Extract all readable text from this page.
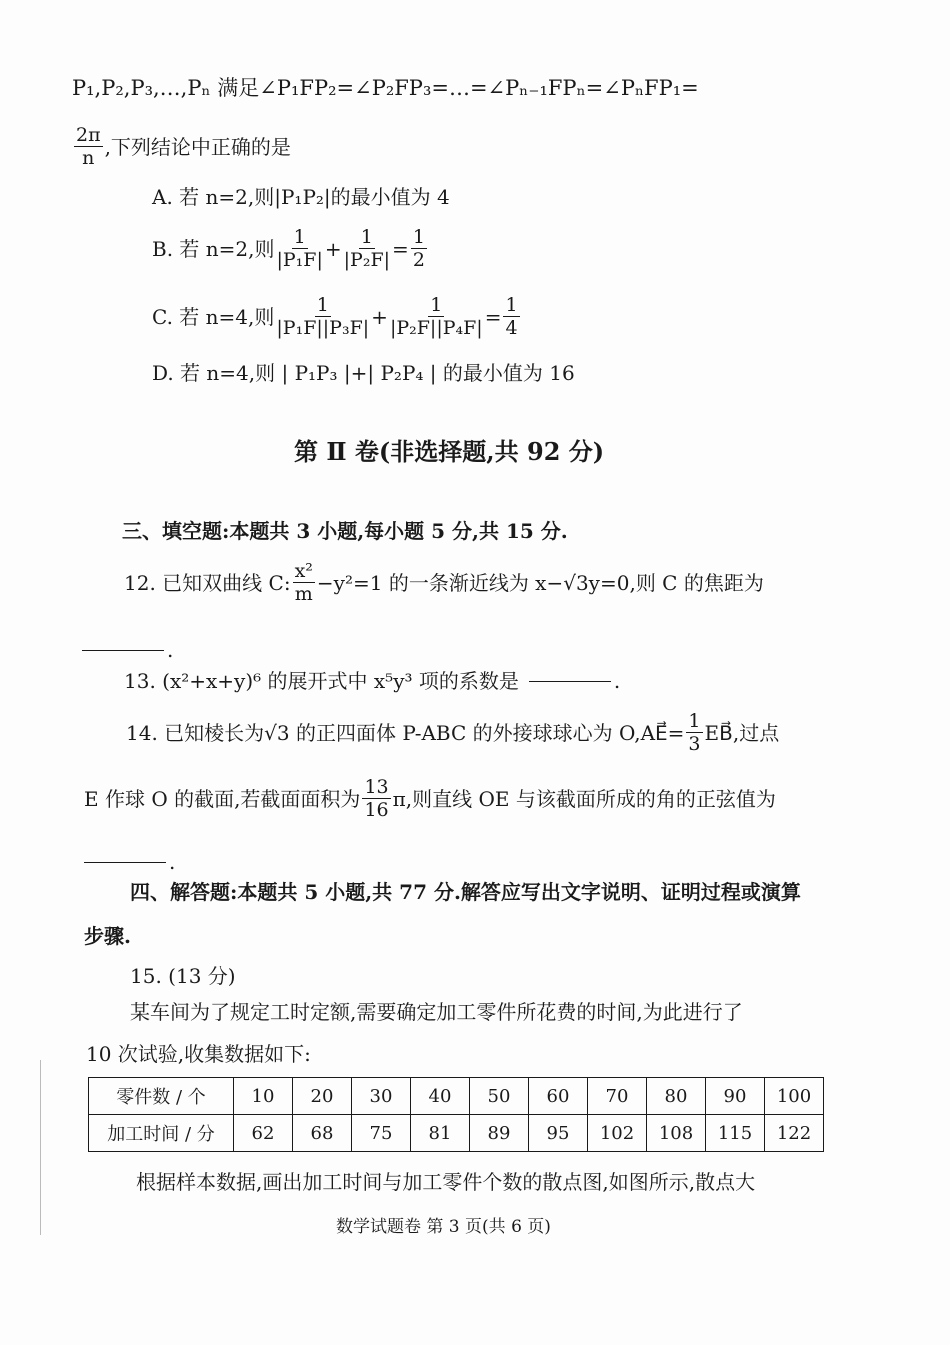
P₁,P₂,P₃,…,Pₙ 满足∠P₁FP₂=∠P₂FP₃=…=∠Pₙ₋₁FPₙ=∠PₙFP₁=
$\frac{2\pi}{n}$ ,下列结论中正确的是
A. 若 n=2,则|P₁P₂|的最小值为 4
B. 若 n=2,则 $\frac{1}{\text{|P₁F|}} + \frac{1}{\text{|P₂F|}} = \frac{1}{2}$
C. 若 n=4,则 $\frac{1}{\text{|P₁F||P₃F|}} + \frac{1}{\text{|P₂F||P₄F|}} = \frac{1}{4}$
D. 若 n=4,则 | P₁P₃ |+| P₂P₄ | 的最小值为 16
第 Ⅱ 卷(非选择题,共 92 分)
三、填空题:本题共 3 小题,每小题 5 分,共 15 分.
12. 已知双曲线 C: $\frac{\text{x²}}{m} -y^2=1$ 的一条渐近线为 x−√3y=0,则 C 的焦距为
.
13. (x²+x+y)⁶ 的展开式中 x⁵y³ 项的系数是	.
14. 已知棱长为√3 的正四面体 P-ABC 的外接球球心为 O,AE⃗= $\frac{1}{3}$ EB⃗,过点
E 作球 O 的截面,若截面面积为 $\frac{13}{16} \pi$,则直线 OE 与该截面所成的角的正弦值为
.
四、解答题:本题共 5 小题,共 77 分.解答应写出文字说明、证明过程或演算
步骤.
15. (13 分)
某车间为了规定工时定额,需要确定加工零件所花费的时间,为此进行了
10 次试验,收集数据如下:
零件数 / 个	10	20	30	40	50	60	70	80	90	100
加工时间 / 分	62	68	75	81	89	95	102	108	115	122
根据样本数据,画出加工时间与加工零件个数的散点图,如图所示,散点大
数学试题卷 第 3 页(共 6 页)
